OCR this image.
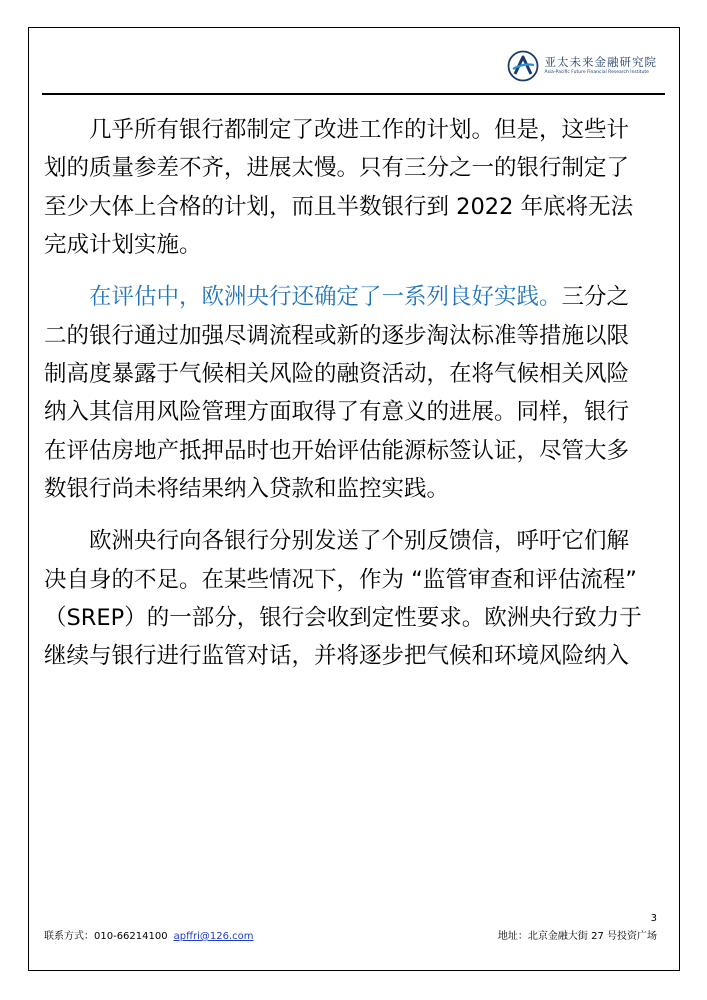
亚太未来金融研究院
Asia-Pacific Future Financial Research Institute

几乎所有银行都制定了改进工作的计划。但是，这些计
划的质量参差不齐，进展太慢。只有三分之一的银行制定了
至少大体上合格的计划，而且半数银行到 2022 年底将无法
完成计划实施。

在评估中，欧洲央行还确定了一系列良好实践。三分之
二的银行通过加强尽调流程或新的逐步淘汰标准等措施以限
制高度暴露于气候相关风险的融资活动，在将气候相关风险
纳入其信用风险管理方面取得了有意义的进展。同样，银行
在评估房地产抵押品时也开始评估能源标签认证，尽管大多
数银行尚未将结果纳入贷款和监控实践。

欧洲央行向各银行分别发送了个别反馈信，呼吁它们解
决自身的不足。在某些情况下，作为 “监管审查和评估流程”
（SREP）的一部分，银行会收到定性要求。欧洲央行致力于
继续与银行进行监管对话，并将逐步把气候和环境风险纳入

3
联系方式：010-66214100 apffri@126.com	地址：北京金融大街 27 号投资广场
